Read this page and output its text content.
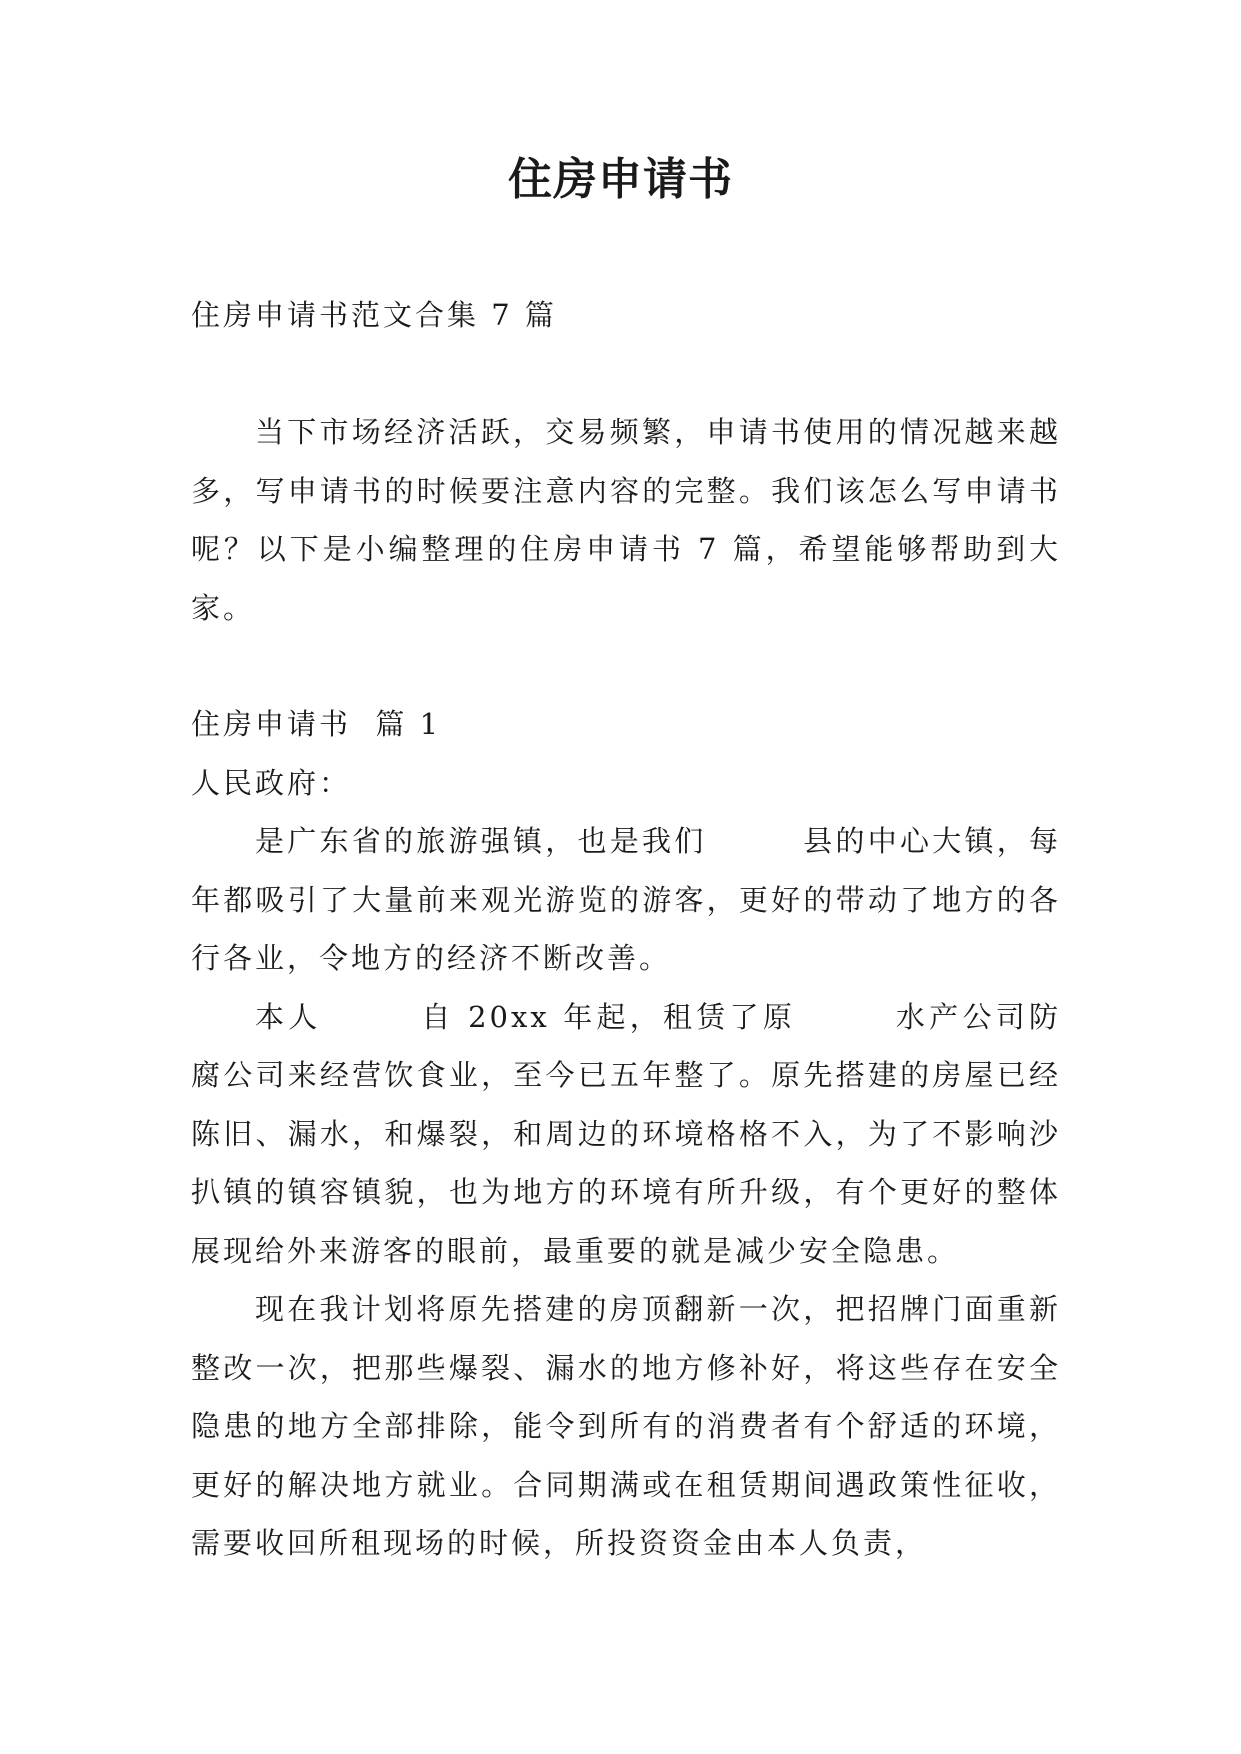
住房申请书
住房申请书范文合集 7 篇

当下市场经济活跃，交易频繁，申请书使用的情况越来越多，写申请书的时候要注意内容的完整。我们该怎么写申请书呢？以下是小编整理的住房申请书 7 篇，希望能够帮助到大家。

住房申请书  篇 1

人民政府：

是广东省的旅游强镇，也是我们　　　县的中心大镇，每年都吸引了大量前来观光游览的游客，更好的带动了地方的各行各业，令地方的经济不断改善。

本人　　　自 20xx 年起，租赁了原　　　水产公司防腐公司来经营饮食业，至今已五年整了。原先搭建的房屋已经陈旧、漏水，和爆裂，和周边的环境格格不入，为了不影响沙扒镇的镇容镇貌，也为地方的环境有所升级，有个更好的整体展现给外来游客的眼前，最重要的就是减少安全隐患。

现在我计划将原先搭建的房顶翻新一次，把招牌门面重新整改一次，把那些爆裂、漏水的地方修补好，将这些存在安全隐患的地方全部排除，能令到所有的消费者有个舒适的环境，更好的解决地方就业。合同期满或在租赁期间遇政策性征收，需要收回所租现场的时候，所投资资金由本人负责，
